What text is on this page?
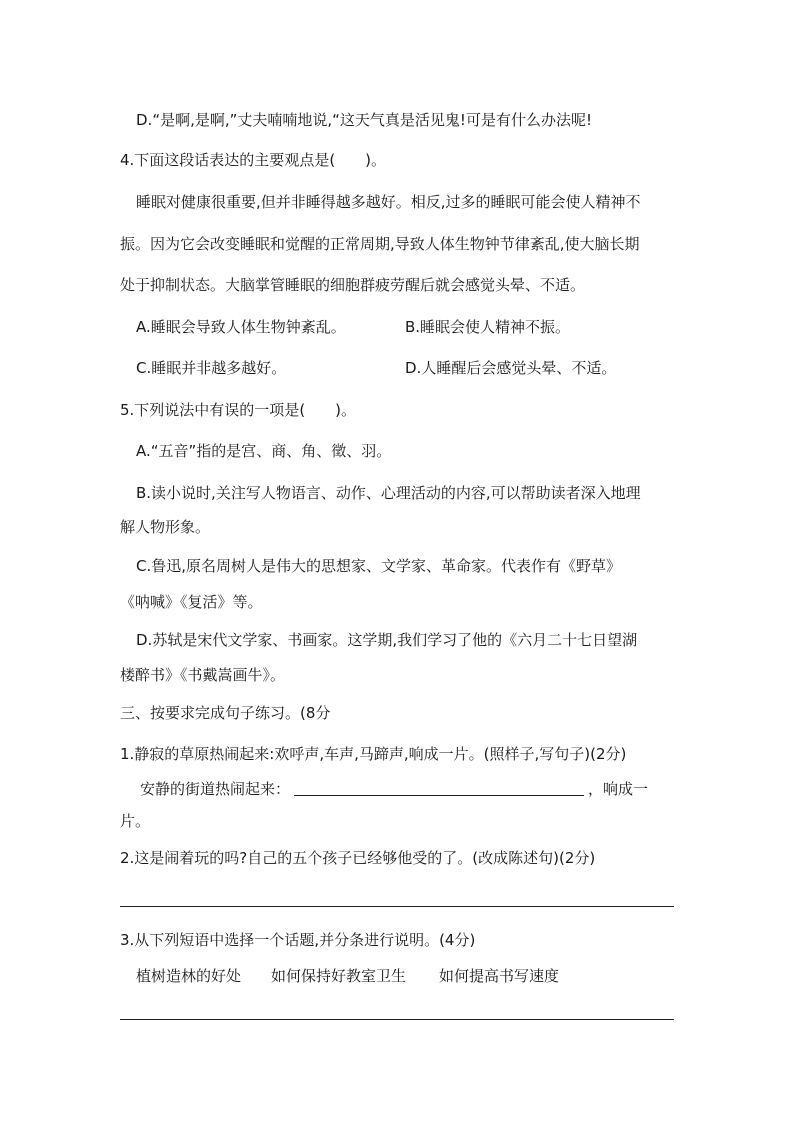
D.“是啊,是啊,”丈夫喃喃地说,“这天气真是活见鬼!可是有什么办法呢!
4.下面这段话表达的主要观点是(　　)。
睡眠对健康很重要,但并非睡得越多越好。相反,过多的睡眠可能会使人精神不
振。因为它会改变睡眠和觉醒的正常周期,导致人体生物钟节律紊乱,使大脑长期
处于抑制状态。大脑掌管睡眠的细胞群疲劳醒后就会感觉头晕、不适。
A.睡眠会导致人体生物钟紊乱。	B.睡眠会使人精神不振。
C.睡眠并非越多越好。	D.人睡醒后会感觉头晕、不适。
5.下列说法中有误的一项是(　　)。
A.“五音”指的是宫、商、角、徵、羽。
B.读小说时,关注写人物语言、动作、心理活动的内容,可以帮助读者深入地理
解人物形象。
C.鲁迅,原名周树人是伟大的思想家、文学家、革命家。代表作有《野草》
《呐喊》《复活》等。
D.苏轼是宋代文学家、书画家。这学期,我们学习了他的《六月二十七日望湖
楼醉书》《书戴嵩画牛》。
三、按要求完成句子练习。(8分
1.静寂的草原热闹起来:欢呼声,车声,马蹄声,响成一片。(照样子,写句子)(2分)
安静的街道热闹起来：	，响成一
片。
2.这是闹着玩的吗?自己的五个孩子已经够他受的了。(改成陈述句)(2分)
3.从下列短语中选择一个话题,并分条进行说明。(4分)
植树造林的好处 如何保持好教室卫生 如何提高书写速度
